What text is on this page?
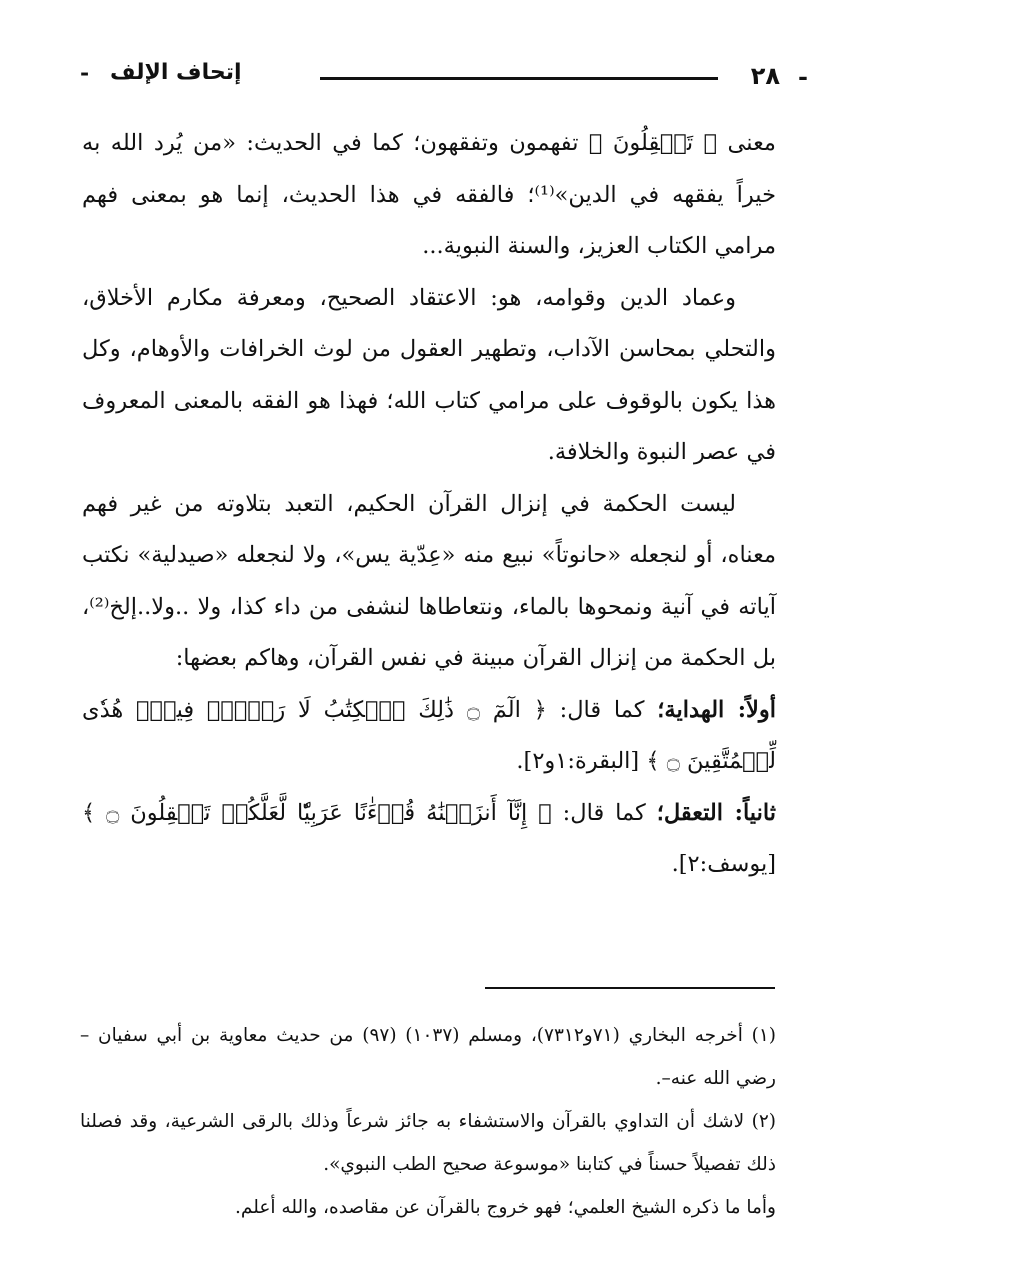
-
٢٨
إتحاف الإلف
-

معنى ﴿ تَعۡقِلُونَ ﴾ تفهمون وتفقهون؛ كما في الحديث: «من يُرد الله به خيراً يفقهه في الدين»⁽¹⁾؛ فالفقه في هذا الحديث، إنما هو بمعنى فهم مرامي الكتاب العزيز، والسنة النبوية...

وعماد الدين وقوامه، هو: الاعتقاد الصحيح، ومعرفة مكارم الأخلاق، والتحلي بمحاسن الآداب، وتطهير العقول من لوث الخرافات والأوهام، وكل هذا يكون بالوقوف على مرامي كتاب الله؛ فهذا هو الفقه بالمعنى المعروف في عصر النبوة والخلافة.

ليست الحكمة في إنزال القرآن الحكيم، التعبد بتلاوته من غير فهم معناه، أو لنجعله «حانوتاً» نبيع منه «عِدّية يس»، ولا لنجعله «صيدلية» نكتب آياته في آنية ونمحوها بالماء، ونتعاطاها لنشفى من داء كذا، ولا ..ولا..إلخ⁽²⁾، بل الحكمة من إنزال القرآن مبينة في نفس القرآن، وهاكم بعضها:

أولاً: الهداية؛ كما قال: ﴿ الٓمٓ ۝ ذَٰلِكَ ٱلۡكِتَٰبُ لَا رَيۡبَۛ فِيهِۛ هُدٗى لِّلۡمُتَّقِينَ ۝ ﴾ [البقرة:١و٢].

ثانياً: التعقل؛ كما قال: ﴿ إِنَّآ أَنزَلۡنَٰهُ قُرۡءَٰنًا عَرَبِيّٗا لَّعَلَّكُمۡ تَعۡقِلُونَ ۝ ﴾ [يوسف:٢].

(١) أخرجه البخاري (٧١و٧٣١٢)، ومسلم (١٠٣٧) (٩٧) من حديث معاوية بن أبي سفيان –رضي الله عنه–.

(٢) لاشك أن التداوي بالقرآن والاستشفاء به جائز شرعاً وذلك بالرقى الشرعية، وقد فصلنا ذلك تفصيلاً حسناً في كتابنا «موسوعة صحيح الطب النبوي».

وأما ما ذكره الشيخ العلمي؛ فهو خروج بالقرآن عن مقاصده، والله أعلم.
